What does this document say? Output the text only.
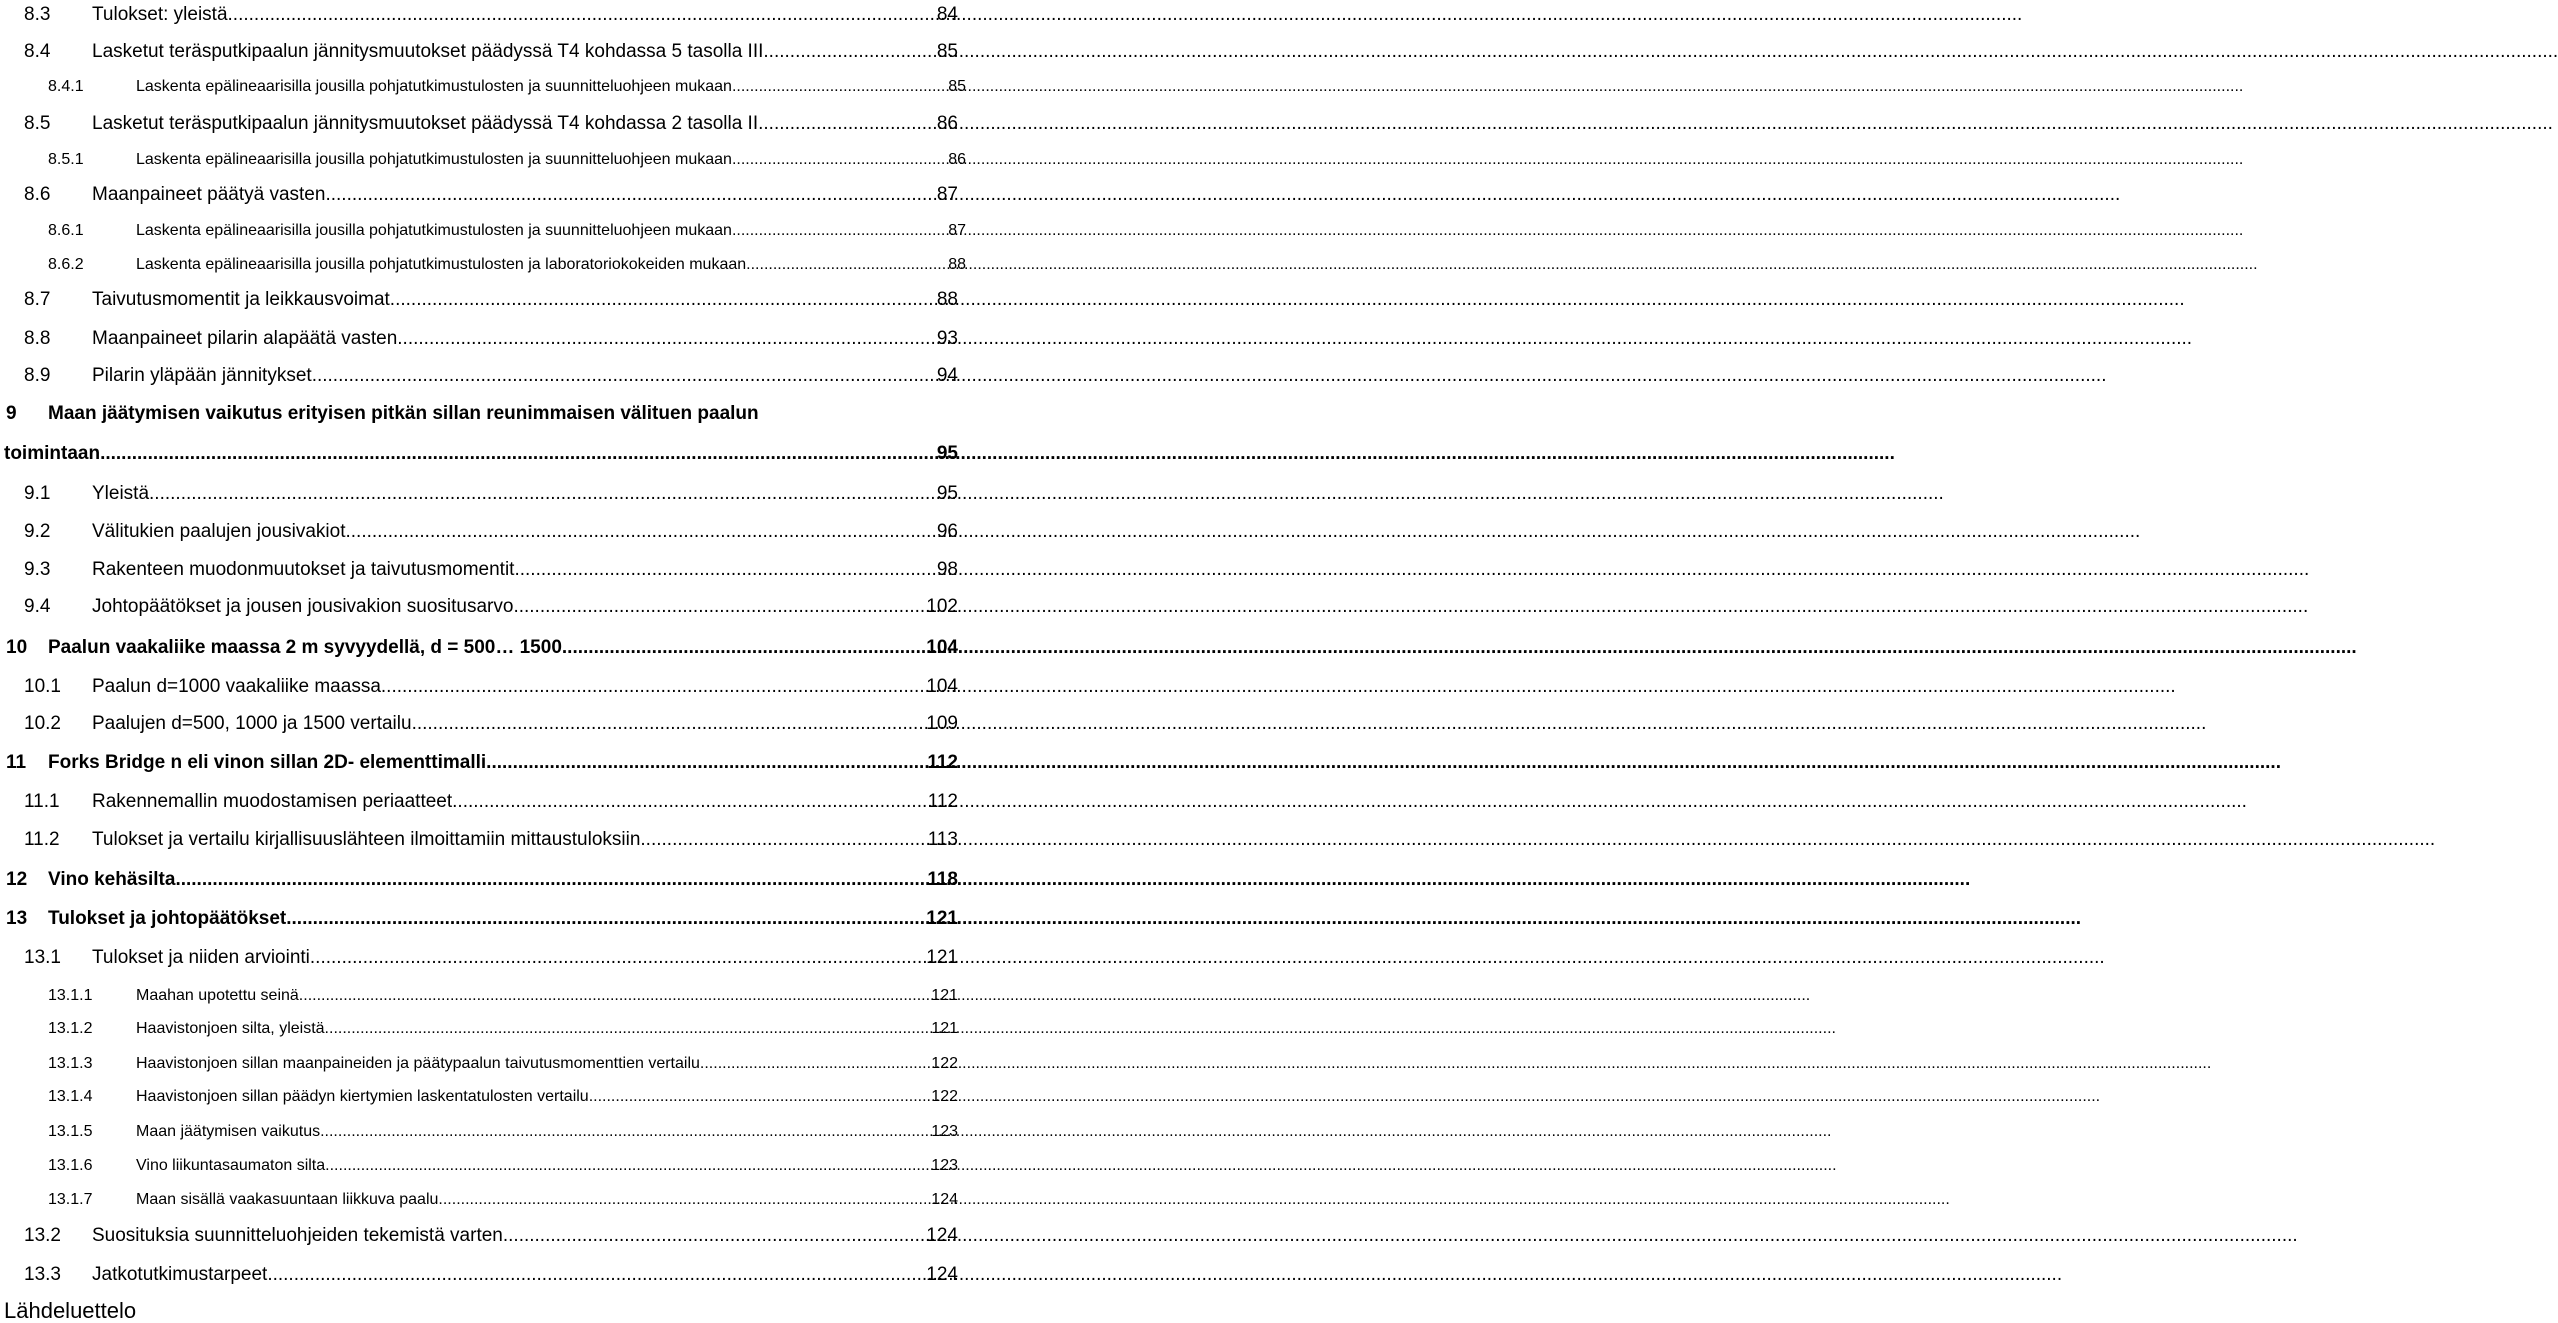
8.3	Tulokset: yleistä .....	84
8.4	Lasketut teräsputkipaalun jännitysmuutokset päädyssä T4 kohdassa 5 tasolla III .....	85
8.4.1	Laskenta epälineaarisilla jousilla pohjatutkimustulosten ja suunnitteluohjeen mukaan .....	85
8.5	Lasketut teräsputkipaalun jännitysmuutokset päädyssä T4 kohdassa 2 tasolla II .....	86
8.5.1	Laskenta epälineaarisilla jousilla pohjatutkimustulosten ja suunnitteluohjeen mukaan .....	86
8.6	Maanpaineet päätyä vasten .....	87
8.6.1	Laskenta epälineaarisilla jousilla pohjatutkimustulosten ja suunnitteluohjeen mukaan .....	87
8.6.2	Laskenta epälineaarisilla jousilla pohjatutkimustulosten ja laboratoriokokeiden mukaan .....	88
8.7	Taivutusmomentit ja leikkausvoimat .....	88
8.8	Maanpaineet pilarin alapäätä vasten .....	93
8.9	Pilarin yläpään jännitykset .....	94
9	Maan jäätymisen vaikutus erityisen pitkän sillan reunimmaisen välituen paalun
toimintaan .....	95
9.1	Yleistä .....	95
9.2	Välitukien paalujen jousivakiot .....	96
9.3	Rakenteen muodonmuutokset ja taivutusmomentit .....	98
9.4	Johtopäätökset ja jousen jousivakion suositusarvo .....	102
10	Paalun vaakaliike maassa 2 m syvyydellä, d = 500… 1500 .....	104
10.1	Paalun d=1000 vaakaliike maassa .....	104
10.2	Paalujen d=500, 1000 ja 1500 vertailu .....	109
11	Forks Bridge n eli vinon sillan 2D- elementtimalli .....	112
11.1	Rakennemallin muodostamisen periaatteet .....	112
11.2	Tulokset ja vertailu kirjallisuuslähteen ilmoittamiin mittaustuloksiin .....	113
12	Vino kehäsilta .....	118
13	Tulokset ja johtopäätökset .....	121
13.1	Tulokset ja niiden arviointi .....	121
13.1.1	Maahan upotettu seinä .....	121
13.1.2	Haavistonjoen silta, yleistä .....	121
13.1.3	Haavistonjoen sillan maanpaineiden ja päätypaalun taivutusmomenttien vertailu .....	122
13.1.4	Haavistonjoen sillan päädyn kiertymien laskentatulosten vertailu .....	122
13.1.5	Maan jäätymisen vaikutus .....	123
13.1.6	Vino liikuntasaumaton silta .....	123
13.1.7	Maan sisällä vaakasuuntaan liikkuva paalu .....	124
13.2	Suosituksia suunnitteluohjeiden tekemistä varten .....	124
13.3	Jatkotutkimustarpeet .....	124
Lähdeluettelo
